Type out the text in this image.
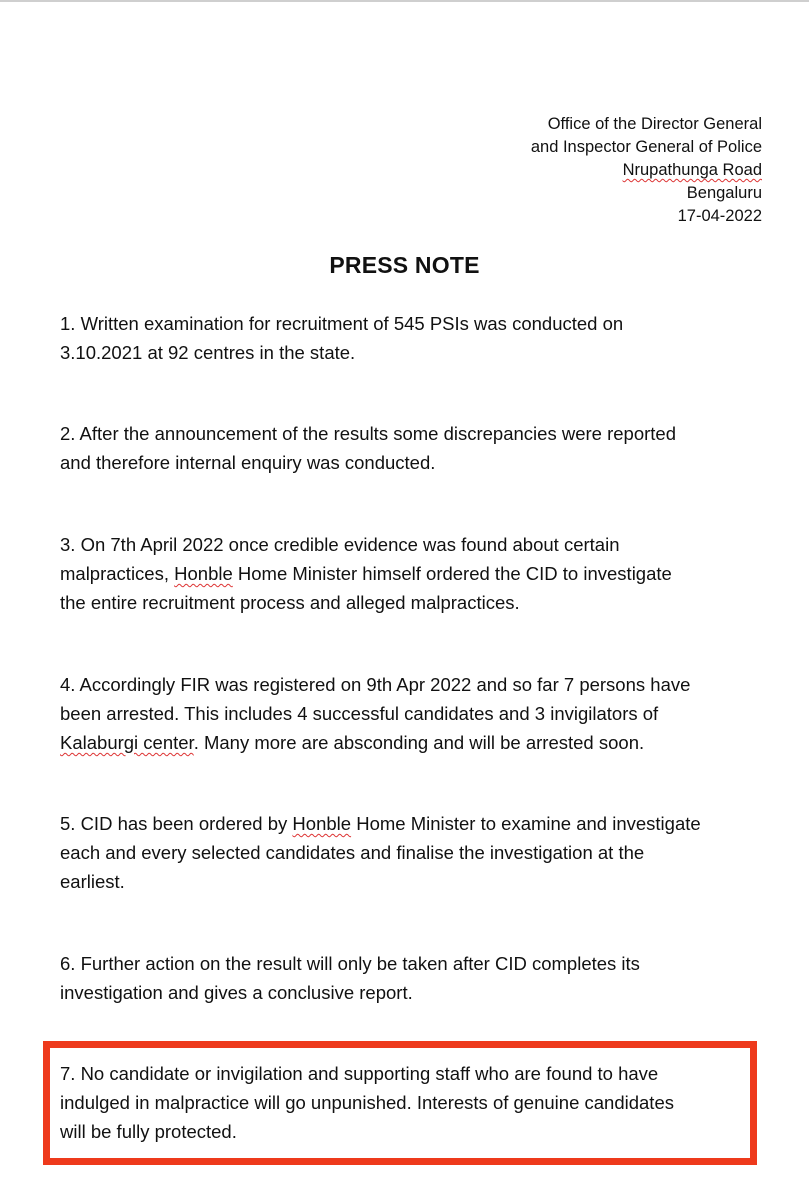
Office of the Director General
and Inspector General of Police
Nrupathunga Road
Bengaluru
17-04-2022
PRESS NOTE
1. Written examination for recruitment of 545 PSIs was conducted on
3.10.2021 at 92 centres in the state.
2. After the announcement of the results some discrepancies were reported
and therefore internal enquiry was conducted.
3. On 7th April 2022 once credible evidence was found about certain
malpractices, Honble Home Minister himself ordered the CID to investigate
the entire recruitment process and alleged malpractices.
4. Accordingly FIR was registered on 9th Apr 2022 and so far 7 persons have
been arrested. This includes 4 successful candidates and 3 invigilators of
Kalaburgi center. Many more are absconding and will be arrested soon.
5. CID has been ordered by Honble Home Minister to examine and investigate
each and every selected candidates and finalise the investigation at the
earliest.
6. Further action on the result will only be taken after CID completes its
investigation and gives a conclusive report.
7. No candidate or invigilation and supporting staff who are found to have
indulged in malpractice will go unpunished. Interests of genuine candidates
will be fully protected.
